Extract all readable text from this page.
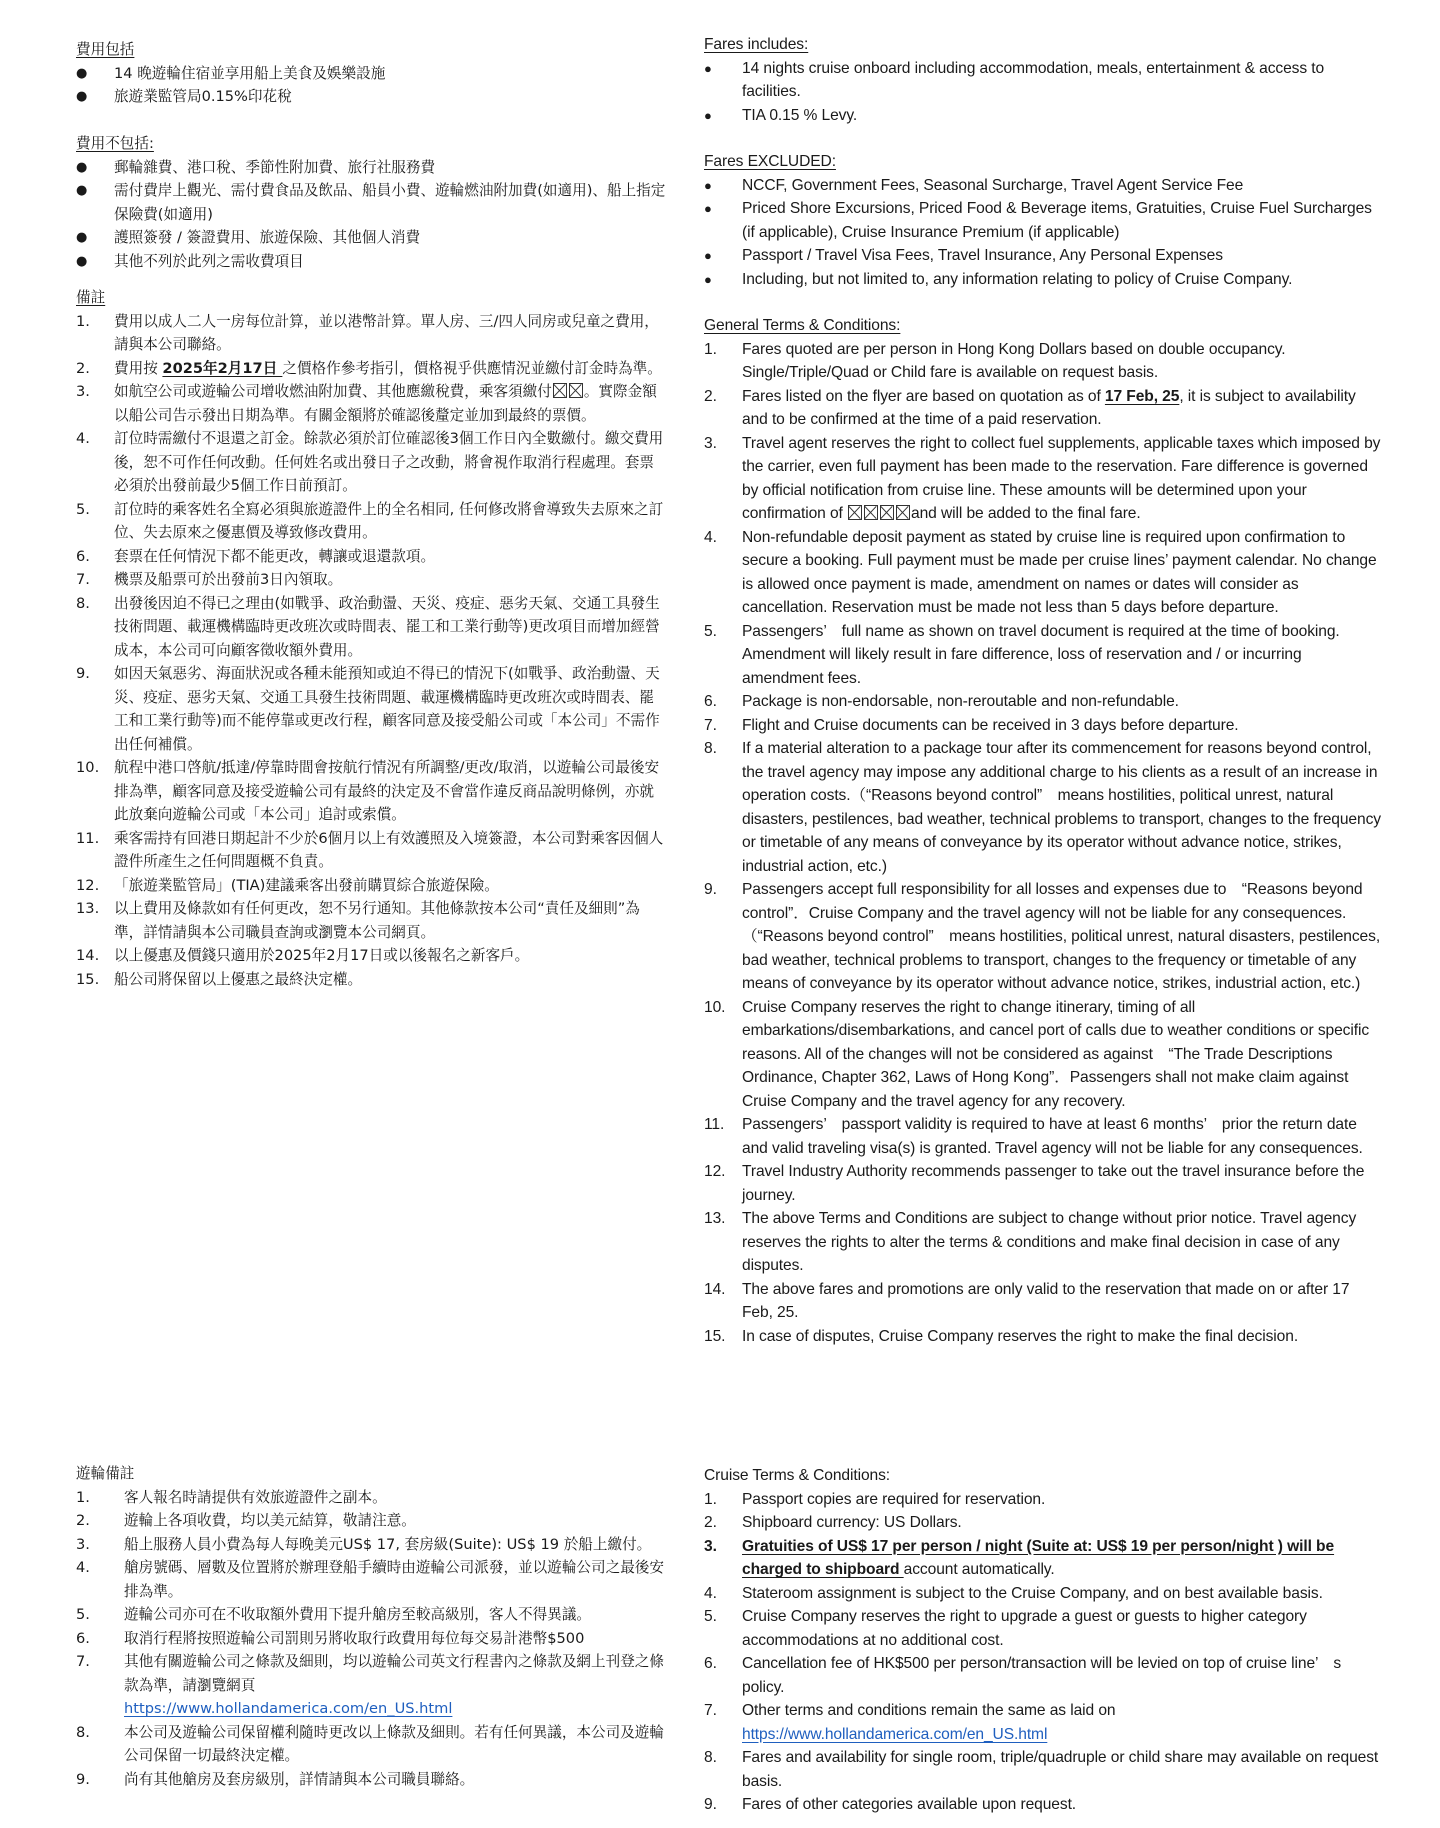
費用包括
●	14 晚遊輪住宿並享用船上美食及娛樂設施
●	旅遊業監管局0.15%印花稅
費用不包括:
●	郵輪雜費、港口稅、季節性附加費、旅行社服務費
●	需付費岸上觀光、需付費食品及飲品、船員小費、遊輪燃油附加費(如適用)、船上指定保險費(如適用)
●	護照簽發 / 簽證費用、旅遊保險、其他個人消費
●	其他不列於此列之需收費項目
備註
1.	費用以成人二人一房每位計算，並以港幣計算。單人房、三/四人同房或兒童之費用，請與本公司聯絡。
2.	費用按 2025年2月17日 之價格作參考指引，價格視乎供應情況並繳付訂金時為準。
3.	如航空公司或遊輪公司增收燃油附加費、其他應繳稅費，乘客須繳付 。實際金額以船公司告示發出日期為準。有關金額將於確認後釐定並加到最終的票價。
4.	訂位時需繳付不退還之訂金。餘款必須於訂位確認後3個工作日內全數繳付。繳交費用後，恕不可作任何改動。任何姓名或出發日子之改動，將會視作取消行程處理。套票必須於出發前最少5個工作日前預訂。
5.	訂位時的乘客姓名全寫必須與旅遊證件上的全名相同, 任何修改將會導致失去原來之訂位、失去原來之優惠價及導致修改費用。
6.	套票在任何情況下都不能更改，轉讓或退還款項。
7.	機票及船票可於出發前3日內領取。
8.	出發後因迫不得已之理由(如戰爭、政治動盪、天災、疫症、惡劣天氣、交通工具發生技術問題、載運機構臨時更改班次或時間表、罷工和工業行動等)更改項目而增加經營成本，本公司可向顧客徵收額外費用。
9.	如因天氣惡劣、海面狀況或各種未能預知或迫不得已的情況下(如戰爭、政治動盪、天災、疫症、惡劣天氣、交通工具發生技術問題、載運機構臨時更改班次或時間表、罷工和工業行動等)而不能停靠或更改行程，顧客同意及接受船公司或「本公司」不需作出任何補償。
10.	航程中港口啓航/抵達/停靠時間會按航行情況有所調整/更改/取消，以遊輪公司最後安排為準，顧客同意及接受遊輪公司有最終的決定及不會當作違反商品說明條例，亦就此放棄向遊輪公司或「本公司」追討或索償。
11.	乘客需持有回港日期起計不少於6個月以上有效護照及入境簽證，本公司對乘客因個人證件所產生之任何問題概不負責。
12.	「旅遊業監管局」(TIA)建議乘客出發前購買綜合旅遊保險。
13.	以上費用及條款如有任何更改，恕不另行通知。其他條款按本公司“責任及細則”為準，詳情請與本公司職員查詢或瀏覽本公司網頁。
14.	以上優惠及價錢只適用於2025年2月17日或以後報名之新客戶。
15.	船公司將保留以上優惠之最終決定權。
遊輪備註
1.	客人報名時請提供有效旅遊證件之副本。
2.	遊輪上各項收費，均以美元結算，敬請注意。
3.	船上服務人員小費為每人每晚美元US$ 17, 套房級(Suite): US$ 19 於船上繳付。
4.	艙房號碼、層數及位置將於辦理登船手續時由遊輪公司派發，並以遊輪公司之最後安排為準。
5.	遊輪公司亦可在不收取額外費用下提升艙房至較高級別，客人不得異議。
6.	取消行程將按照遊輪公司罰則另將收取行政費用每位每交易計港幣$500
7.	其他有關遊輪公司之條款及細則，均以遊輪公司英文行程書內之條款及網上刊登之條款為準，請瀏覽網頁
https://www.hollandamerica.com/en_US.html
8.	本公司及遊輪公司保留權利隨時更改以上條款及細則。若有任何異議，本公司及遊輪公司保留一切最終決定權。
9.	尚有其他艙房及套房級別，詳情請與本公司職員聯絡。
Fares includes:
●	14 nights cruise onboard including accommodation, meals, entertainment & access to facilities.
●	TIA 0.15 % Levy.
Fares EXCLUDED:
●	NCCF, Government Fees, Seasonal Surcharge, Travel Agent Service Fee
●	Priced Shore Excursions, Priced Food & Beverage items, Gratuities, Cruise Fuel Surcharges (if applicable), Cruise Insurance Premium (if applicable)
●	Passport / Travel Visa Fees, Travel Insurance, Any Personal Expenses
●	Including, but not limited to, any information relating to policy of Cruise Company.
General Terms & Conditions:
1.	Fares quoted are per person in Hong Kong Dollars based on double occupancy. Single/Triple/Quad or Child fare is available on request basis.
2.	Fares listed on the flyer are based on quotation as of 17 Feb, 25, it is subject to availability and to be confirmed at the time of a paid reservation.
3.	Travel agent reserves the right to collect fuel supplements, applicable taxes which imposed by the carrier, even full payment has been made to the reservation. Fare difference is governed by official notification from cruise line. These amounts will be determined upon your confirmation of	and will be added to the final fare.
4.	Non-refundable deposit payment as stated by cruise line is required upon confirmation to secure a booking. Full payment must be made per cruise lines’ payment calendar. No change is allowed once payment is made, amendment on names or dates will consider as cancellation. Reservation must be made not less than 5 days before departure.
5.	Passengers’　full name as shown on travel document is required at the time of booking. Amendment will likely result in fare difference, loss of reservation and / or incurring amendment fees.
6.	Package is non-endorsable, non-reroutable and non-refundable.
7.	Flight and Cruise documents can be received in 3 days before departure.
8.	If a material alteration to a package tour after its commencement for reasons beyond control, the travel agency may impose any additional charge to his clients as a result of an increase in operation costs.（“Reasons beyond control”　means hostilities, political unrest, natural disasters, pestilences, bad weather, technical problems to transport, changes to the frequency or timetable of any means of conveyance by its operator without advance notice, strikes, industrial action, etc.)
9.	Passengers accept full responsibility for all losses and expenses due to　“Reasons beyond control”．Cruise Company and the travel agency will not be liable for any consequences.（“Reasons beyond control”　means hostilities, political unrest, natural disasters, pestilences, bad weather, technical problems to transport, changes to the frequency or timetable of any means of conveyance by its operator without advance notice, strikes, industrial action, etc.)
10.	Cruise Company reserves the right to change itinerary, timing of all embarkations/disembarkations, and cancel port of calls due to weather conditions or specific reasons. All of the changes will not be considered as against　“The Trade Descriptions Ordinance, Chapter 362, Laws of Hong Kong”．Passengers shall not make claim against Cruise Company and the travel agency for any recovery.
11.	Passengers’　passport validity is required to have at least 6 months’　prior the return date and valid traveling visa(s) is granted. Travel agency will not be liable for any consequences.
12.	Travel Industry Authority recommends passenger to take out the travel insurance before the journey.
13.	The above Terms and Conditions are subject to change without prior notice. Travel agency reserves the rights to alter the terms & conditions and make final decision in case of any disputes.
14.	The above fares and promotions are only valid to the reservation that made on or after 17 Feb, 25.
15.	In case of disputes, Cruise Company reserves the right to make the final decision.
Cruise Terms & Conditions:
1.	Passport copies are required for reservation.
2.	Shipboard currency: US Dollars.
3.	Gratuities of US$ 17 per person / night (Suite at: US$ 19 per person/night ) will be charged to shipboard account automatically.
4.	Stateroom assignment is subject to the Cruise Company, and on best available basis.
5.	Cruise Company reserves the right to upgrade a guest or guests to higher category accommodations at no additional cost.
6.	Cancellation fee of HK$500 per person/transaction will be levied on top of cruise line’　s policy.
7.	Other terms and conditions remain the same as laid on
https://www.hollandamerica.com/en_US.html
8.	Fares and availability for single room, triple/quadruple or child share may available on request basis.
9.	Fares of other categories available upon request.
